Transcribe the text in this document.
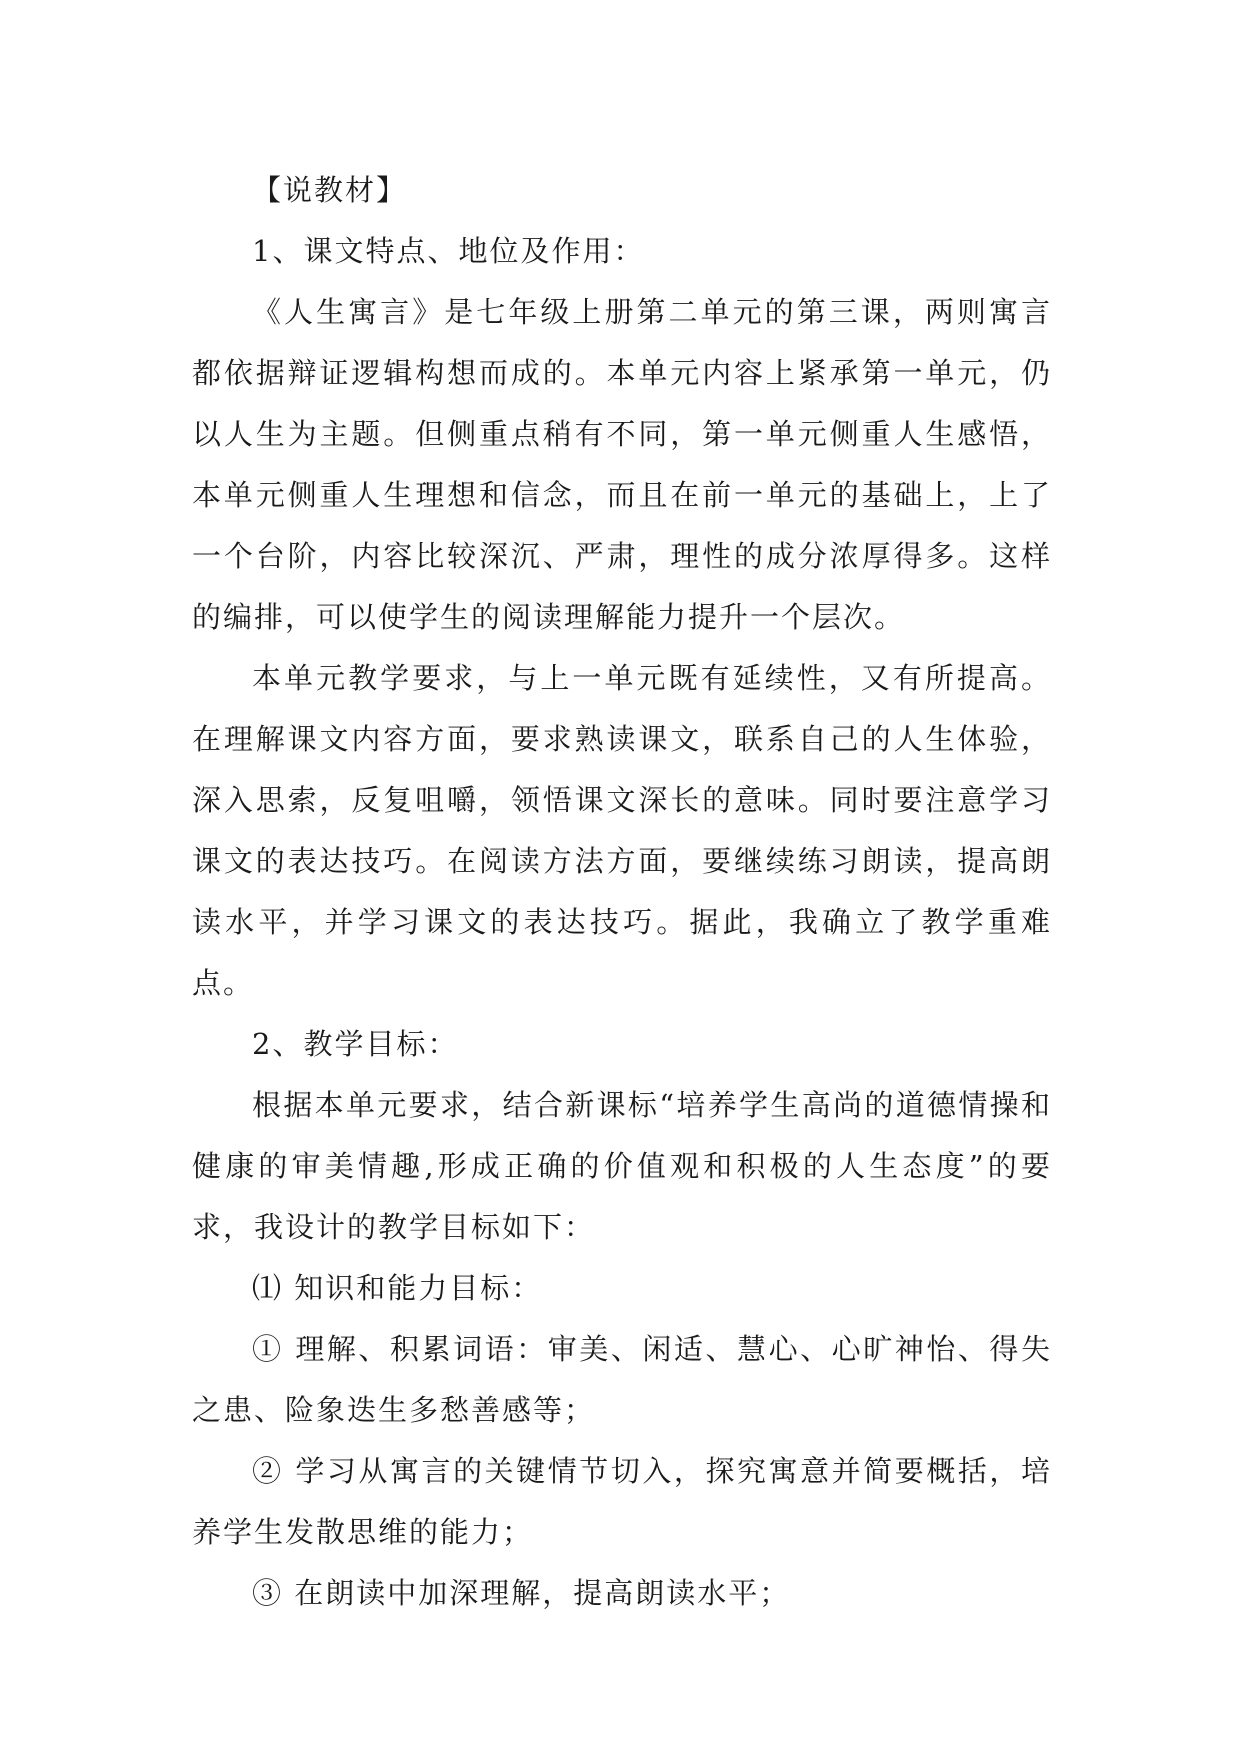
【说教材】

1、课文特点、地位及作用：

《人生寓言》是七年级上册第二单元的第三课，两则寓言都依据辩证逻辑构想而成的。本单元内容上紧承第一单元，仍以人生为主题。但侧重点稍有不同，第一单元侧重人生感悟，本单元侧重人生理想和信念，而且在前一单元的基础上，上了一个台阶，内容比较深沉、严肃，理性的成分浓厚得多。这样的编排，可以使学生的阅读理解能力提升一个层次。

本单元教学要求，与上一单元既有延续性，又有所提高。在理解课文内容方面，要求熟读课文，联系自己的人生体验，深入思索，反复咀嚼，领悟课文深长的意味。同时要注意学习课文的表达技巧。在阅读方法方面，要继续练习朗读，提高朗读水平，并学习课文的表达技巧。据此，我确立了教学重难点。

2、教学目标：

根据本单元要求，结合新课标“培养学生高尚的道德情操和健康的审美情趣,形成正确的价值观和积极的人生态度”的要求，我设计的教学目标如下：

⑴ 知识和能力目标：

① 理解、积累词语：审美、闲适、慧心、心旷神怡、得失之患、险象迭生多愁善感等；

② 学习从寓言的关键情节切入，探究寓意并简要概括，培养学生发散思维的能力；

③ 在朗读中加深理解，提高朗读水平；
